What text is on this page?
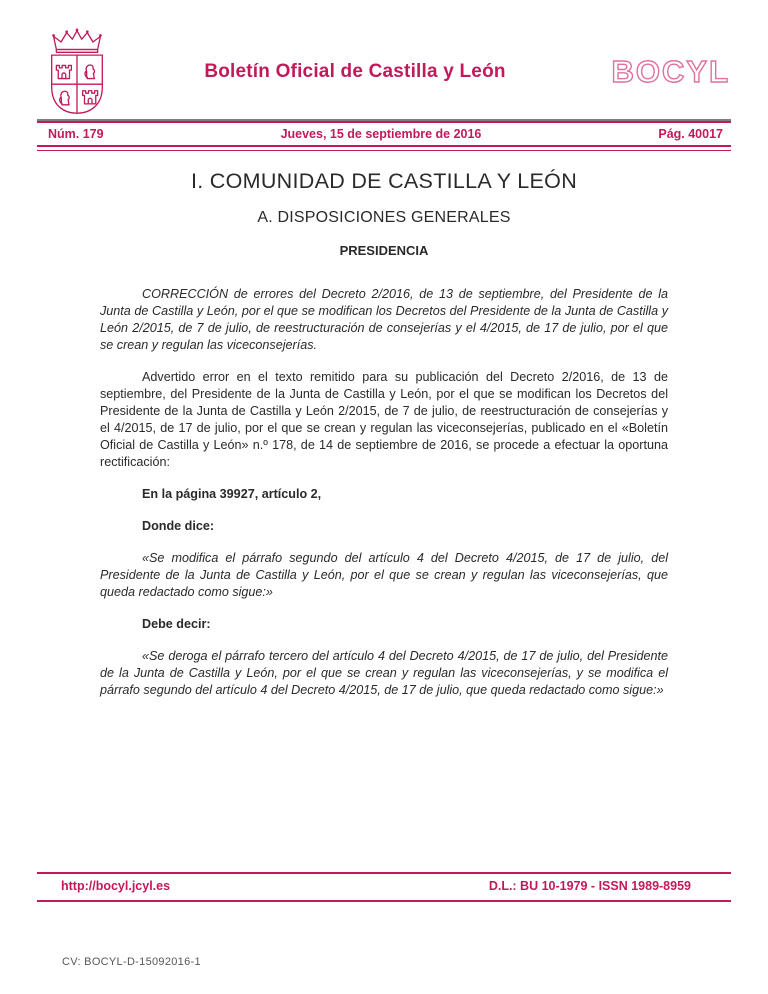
Boletín Oficial de Castilla y León	BOCYL
Núm. 179	Jueves, 15 de septiembre de 2016	Pág. 40017
I. COMUNIDAD DE CASTILLA Y LEÓN
A. DISPOSICIONES GENERALES
PRESIDENCIA

CORRECCIÓN de errores del Decreto 2/2016, de 13 de septiembre, del Presidente de la Junta de Castilla y León, por el que se modifican los Decretos del Presidente de la Junta de Castilla y León 2/2015, de 7 de julio, de reestructuración de consejerías y el 4/2015, de 17 de julio, por el que se crean y regulan las viceconsejerías.

Advertido error en el texto remitido para su publicación del Decreto 2/2016, de 13 de septiembre, del Presidente de la Junta de Castilla y León, por el que se modifican los Decretos del Presidente de la Junta de Castilla y León 2/2015, de 7 de julio, de reestructuración de consejerías y el 4/2015, de 17 de julio, por el que se crean y regulan las viceconsejerías, publicado en el «Boletín Oficial de Castilla y León» n.º 178, de 14 de septiembre de 2016, se procede a efectuar la oportuna rectificación:

En la página 39927, artículo 2,

Donde dice:

«Se modifica el párrafo segundo del artículo 4 del Decreto 4/2015, de 17 de julio, del Presidente de la Junta de Castilla y León, por el que se crean y regulan las viceconsejerías, que queda redactado como sigue:»

Debe decir:

«Se deroga el párrafo tercero del artículo 4 del Decreto 4/2015, de 17 de julio, del Presidente de la Junta de Castilla y León, por el que se crean y regulan las viceconsejerías, y se modifica el párrafo segundo del artículo 4 del Decreto 4/2015, de 17 de julio, que queda redactado como sigue:»

http://bocyl.jcyl.es	D.L.: BU 10-1979 - ISSN 1989-8959
CV: BOCYL-D-15092016-1
